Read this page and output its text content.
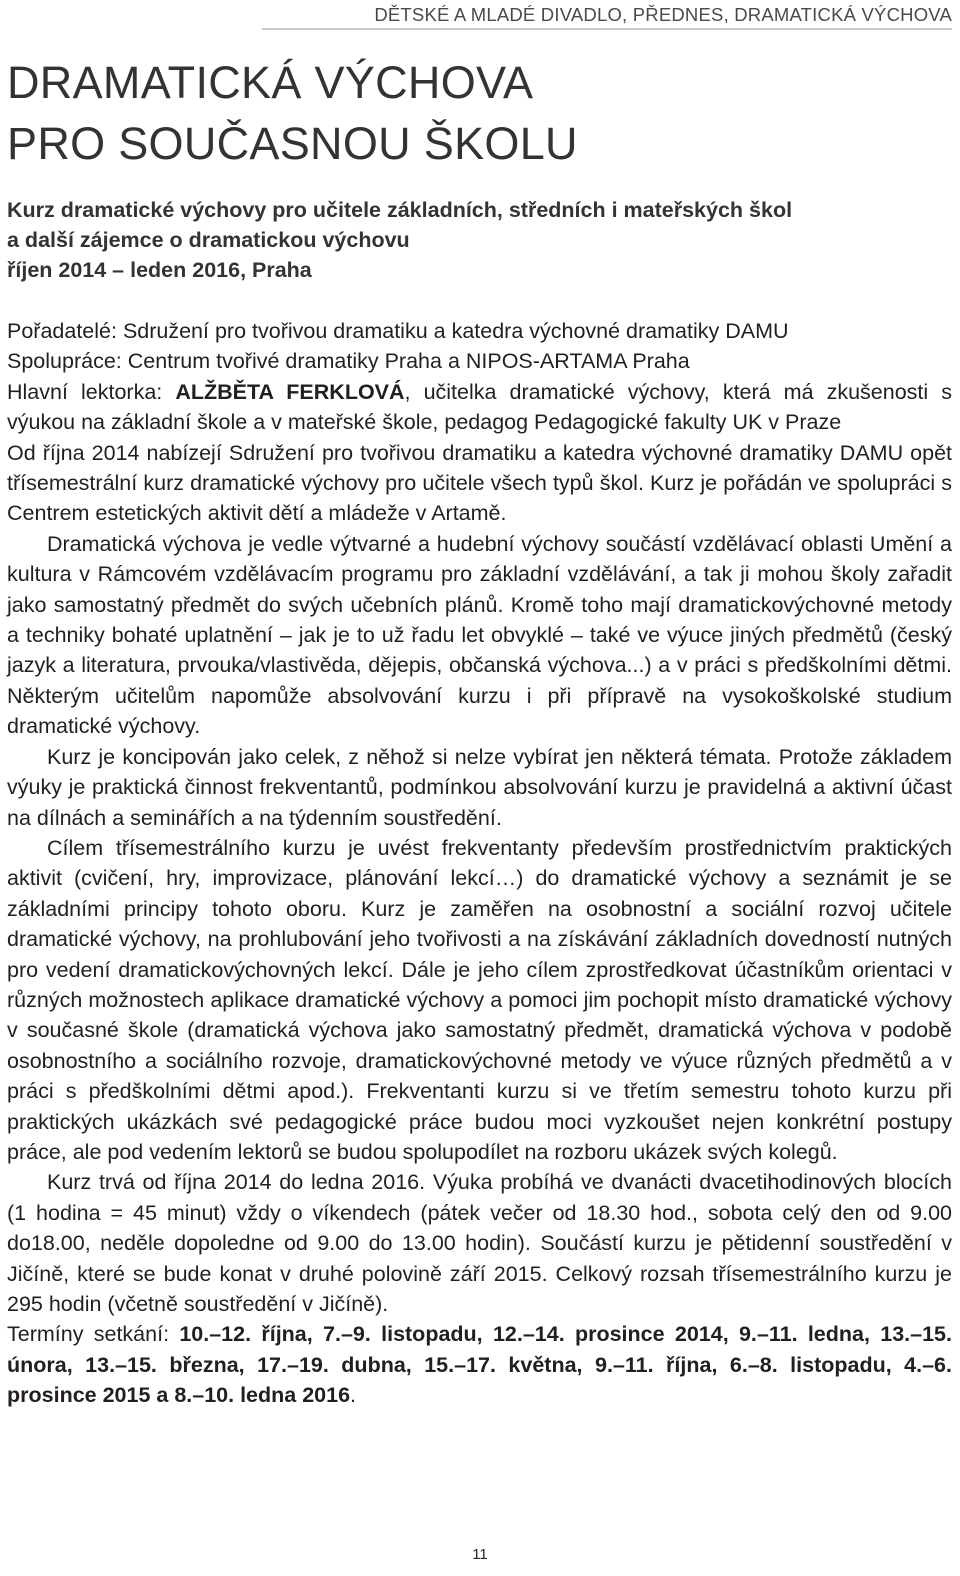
DĚTSKÉ A MLADÉ DIVADLO, PŘEDNES, DRAMATICKÁ VÝCHOVA
DRAMATICKÁ VÝCHOVA
PRO SOUČASNOU ŠKOLU
Kurz dramatické výchovy pro učitele základních, středních i mateřských škol
a další zájemce o dramatickou výchovu
říjen 2014 – leden 2016, Praha

Pořadatelé: Sdružení pro tvořivou dramatiku a katedra výchovné dramatiky DAMU

Spolupráce: Centrum tvořivé dramatiky Praha a NIPOS-ARTAMA Praha

Hlavní lektorka: ALŽBĚTA FERKLOVÁ, učitelka dramatické výchovy, která má zkušenosti s výukou na základní škole a v mateřské škole, pedagog Pedagogické fakulty UK v Praze

Od října 2014 nabízejí Sdružení pro tvořivou dramatiku a katedra výchovné dramatiky DAMU opět třísemestrální kurz dramatické výchovy pro učitele všech typů škol. Kurz je pořádán ve spolupráci s Centrem estetických aktivit dětí a mládeže v Artamě.

Dramatická výchova je vedle výtvarné a hudební výchovy součástí vzdělávací oblasti Umění a kultura v Rámcovém vzdělávacím programu pro základní vzdělávání, a tak ji mohou školy zařadit jako samostatný předmět do svých učebních plánů. Kromě toho mají dramatickovýchovné metody a techniky bohaté uplatnění – jak je to už řadu let obvyklé – také ve výuce jiných předmětů (český jazyk a literatura, prvouka/vlastivěda, dějepis, občanská výchova...) a v práci s předškolními dětmi. Některým učitelům napomůže absolvování kurzu i při přípravě na vysokoškolské studium dramatické výchovy.

Kurz je koncipován jako celek, z něhož si nelze vybírat jen některá témata. Protože základem výuky je praktická činnost frekventantů, podmínkou absolvování kurzu je pravidelná a aktivní účast na dílnách a seminářích a na týdenním soustředění.

Cílem třísemestrálního kurzu je uvést frekventanty především prostřednictvím praktických aktivit (cvičení, hry, improvizace, plánování lekcí…) do dramatické výchovy a seznámit je se základními principy tohoto oboru. Kurz je zaměřen na osobnostní a sociální rozvoj učitele dramatické výchovy, na prohlubování jeho tvořivosti a na získávání základních dovedností nutných pro vedení dramatickovýchovných lekcí. Dále je jeho cílem zprostředkovat účastníkům orientaci v různých možnostech aplikace dramatické výchovy a pomoci jim pochopit místo dramatické výchovy v současné škole (dramatická výchova jako samostatný předmět, dramatická výchova v podobě osobnostního a sociálního rozvoje, dramatickovýchovné metody ve výuce různých předmětů a v práci s předškolními dětmi apod.). Frekventanti kurzu si ve třetím semestru tohoto kurzu při praktických ukázkách své pedagogické práce budou moci vyzkoušet nejen konkrétní postupy práce, ale pod vedením lektorů se budou spolupodílet na rozboru ukázek svých kolegů.

Kurz trvá od října 2014 do ledna 2016. Výuka probíhá ve dvanácti dvacetihodinových blocích (1 hodina = 45 minut) vždy o víkendech (pátek večer od 18.30 hod., sobota celý den od 9.00 do18.00, neděle dopoledne od 9.00 do 13.00 hodin). Součástí kurzu je pětidenní soustředění v Jičíně, které se bude konat v druhé polovině září 2015. Celkový rozsah třísemestrálního kurzu je 295 hodin (včetně soustředění v Jičíně).

Termíny setkání: 10.–12. října, 7.–9. listopadu, 12.–14. prosince 2014, 9.–11. ledna, 13.–15. února, 13.–15. března, 17.–19. dubna, 15.–17. května, 9.–11. října, 6.–8. listopadu, 4.–6. prosince 2015 a 8.–10. ledna 2016.

11
